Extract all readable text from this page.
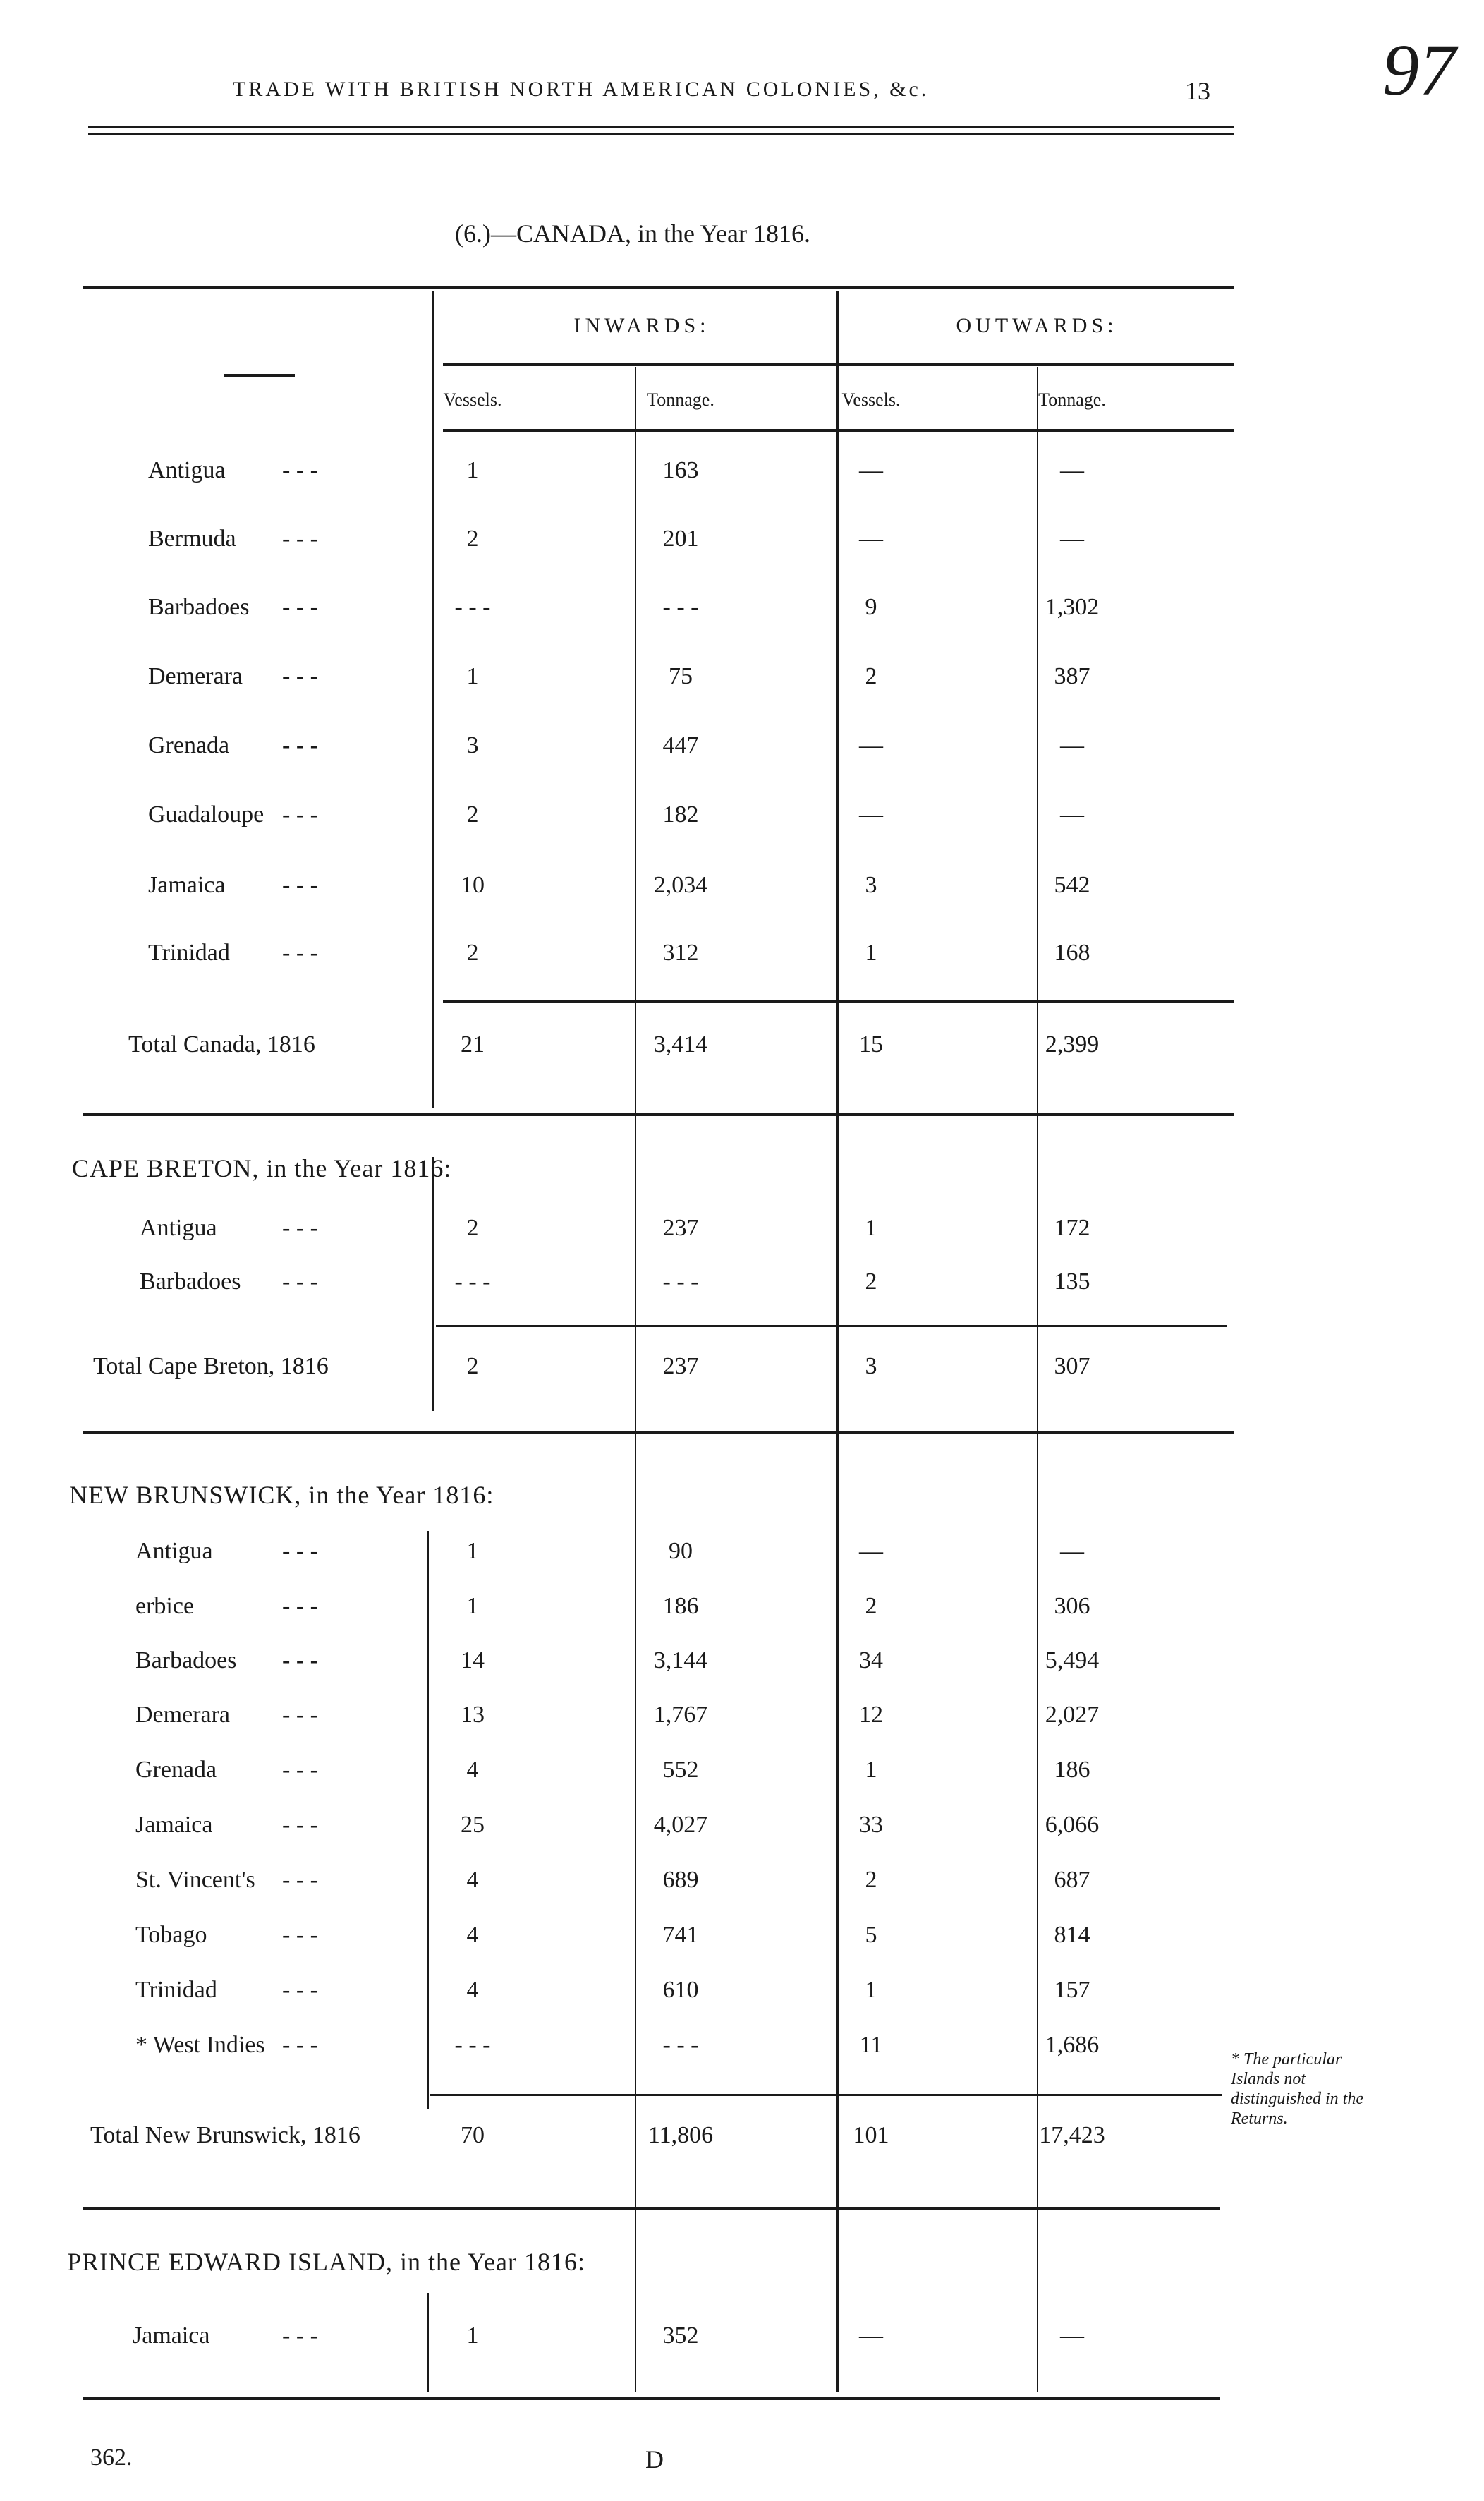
TRADE WITH BRITISH NORTH AMERICAN COLONIES, &c.	13 97
(6.)—CANADA, in the Year 1816.
INWARDS:	OUTWARDS:
Vessels.	Tonnage.	Vessels.	Tonnage.
Antigua - - -	1	163	—	—
Bermuda - - -	2	201	—	—
Barbadoes - - -	- - -	- - -	9	1,302
Demerara - - -	1	75	2	387
Grenada - - -	3	447	—	—
Guadaloupe - - -	2	182	—	—
Jamaica - - -	10	2,034	3	542
Trinidad - - -	2	312	1	168
Total Canada, 1816	21	3,414	15	2,399
CAPE BRETON, in the Year 1816:
Antigua	- - -	2	237	1	172
Barbadoes - - -	- - -	- - -	2	135
Total Cape Breton, 1816	2	237	3	307
NEW BRUNSWICK, in the Year 1816:
Antigua	- - -	1	90	—	—
erbice	- - -	1	186	2	306
Barbadoes - - -	14	3,144	34	5,494
Demerara - - -	13	1,767	12	2,027
Grenada	- - -	4	552	1	186
Jamaica	- - -	25	4,027	33	6,066
St. Vincent's - - -	4	689	2	687
Tobago	- - -	4	741	5	814
Trinidad	- - -	4	610	1	157
* West Indies - - -	- - -	- - -	11	1,686
Total New Brunswick, 1816	70	11,806	101	17,423
PRINCE EDWARD ISLAND, in the Year 1816:
Jamaica	- - -	1	352	—	—
* The particular Islands not distinguished in the Returns.
362.	D
